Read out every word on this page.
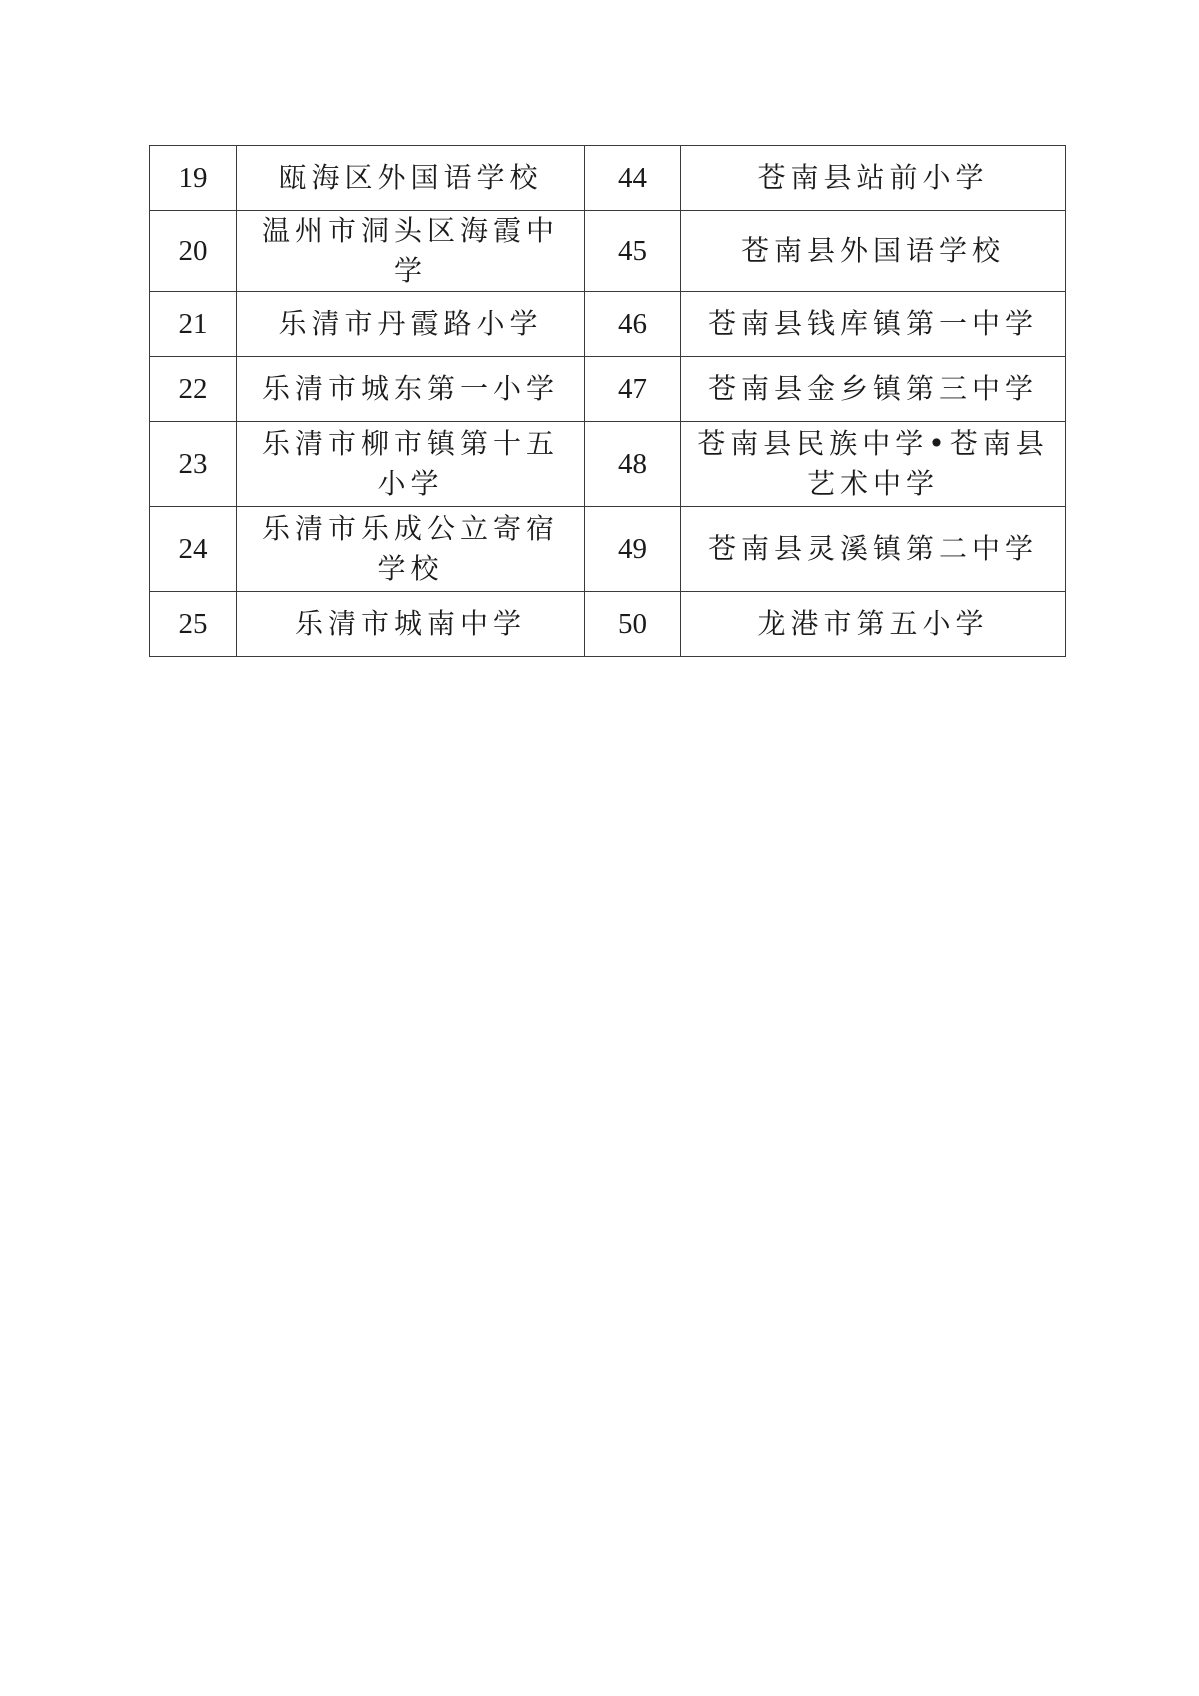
19	瓯海区外国语学校	44	苍南县站前小学
20	温州市洞头区海霞中学	45	苍南县外国语学校
21	乐清市丹霞路小学	46	苍南县钱库镇第一中学
22	乐清市城东第一小学	47	苍南县金乡镇第三中学
23	乐清市柳市镇第十五小学	48	苍南县民族中学•苍南县艺术中学
24	乐清市乐成公立寄宿学校	49	苍南县灵溪镇第二中学
25	乐清市城南中学	50	龙港市第五小学
